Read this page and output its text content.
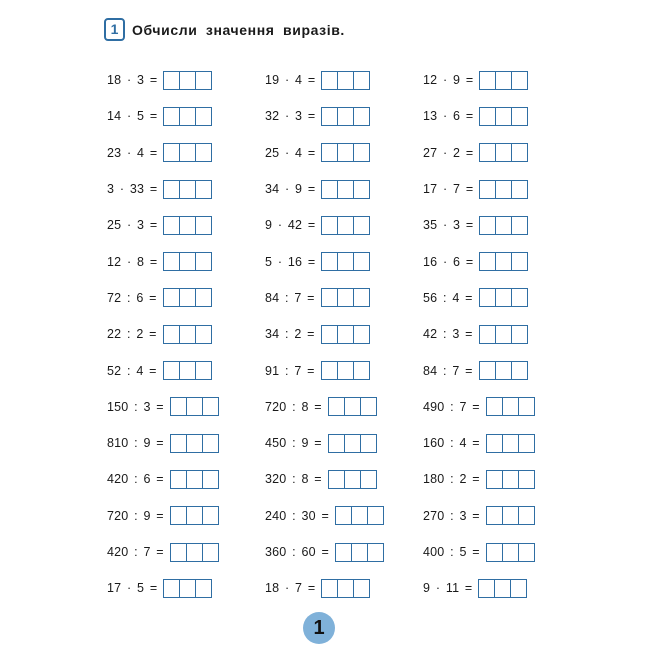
1 Обчисли значення виразів.
18 · 3 =
14 · 5 =
23 · 4 =
3 · 33 =
25 · 3 =
12 · 8 =
72 : 6 =
22 : 2 =
52 : 4 =
150 : 3 =
810 : 9 =
420 : 6 =
720 : 9 =
420 : 7 =
17 · 5 =
19 · 4 =
32 · 3 =
25 · 4 =
34 · 9 =
9 · 42 =
5 · 16 =
84 : 7 =
34 : 2 =
91 : 7 =
720 : 8 =
450 : 9 =
320 : 8 =
240 : 30 =
360 : 60 =
18 · 7 =
12 · 9 =
13 · 6 =
27 · 2 =
17 · 7 =
35 · 3 =
16 · 6 =
56 : 4 =
42 : 3 =
84 : 7 =
490 : 7 =
160 : 4 =
180 : 2 =
270 : 3 =
400 : 5 =
9 · 11 =
1
